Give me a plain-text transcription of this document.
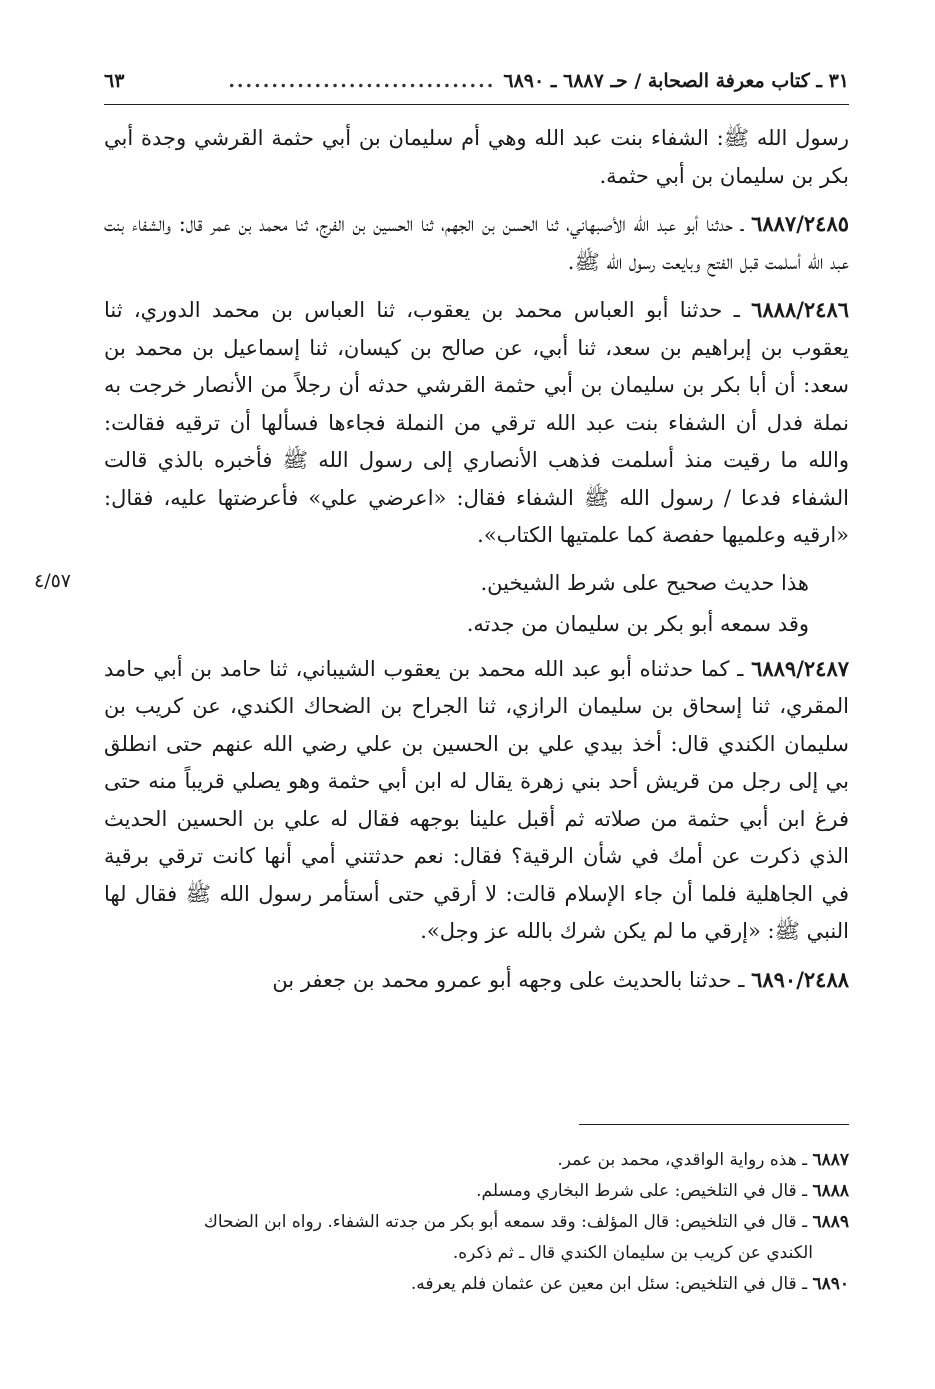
٣١ ـ كتاب معرفة الصحابة / حـ ٦٨٨٧ ـ ٦٨٩٠
...............................
٦٣

رسول الله ﷺ: الشفاء بنت عبد الله وهي أم سليمان بن أبي حثمة القرشي وجدة أبي بكر بن سليمان بن أبي حثمة.

٦٨٨٧/٢٤٨٥ ـ حدثنا أبو عبد الله الأصبهاني، ثنا الحسن بن الجهم، ثنا الحسين بن الفرج، ثنا محمد بن عمر قال: والشفاء بنت عبد الله أسلمت قبل الفتح وبايعت رسول الله ﷺ.

٦٨٨٨/٢٤٨٦ ـ حدثنا أبو العباس محمد بن يعقوب، ثنا العباس بن محمد الدوري، ثنا يعقوب بن إبراهيم بن سعد، ثنا أبي، عن صالح بن كيسان، ثنا إسماعيل بن محمد بن سعد: أن أبا بكر بن سليمان بن أبي حثمة القرشي حدثه أن رجلاً من الأنصار خرجت به نملة فدل أن الشفاء بنت عبد الله ترقي من النملة فجاءها فسألها أن ترقيه فقالت: والله ما رقيت منذ أسلمت فذهب الأنصاري إلى رسول الله ﷺ فأخبره بالذي قالت الشفاء فدعا / رسول الله ﷺ الشفاء فقال: «اعرضي علي» فأعرضتها عليه، فقال: «ارقيه وعلميها حفصة كما علمتيها الكتاب».

هذا حديث صحيح على شرط الشيخين.

وقد سمعه أبو بكر بن سليمان من جدته.

٦٨٨٩/٢٤٨٧ ـ كما حدثناه أبو عبد الله محمد بن يعقوب الشيباني، ثنا حامد بن أبي حامد المقري، ثنا إسحاق بن سليمان الرازي، ثنا الجراح بن الضحاك الكندي، عن كريب بن سليمان الكندي قال: أخذ بيدي علي بن الحسين بن علي رضي الله عنهم حتى انطلق بي إلى رجل من قريش أحد بني زهرة يقال له ابن أبي حثمة وهو يصلي قريباً منه حتى فرغ ابن أبي حثمة من صلاته ثم أقبل علينا بوجهه فقال له علي بن الحسين الحديث الذي ذكرت عن أمك في شأن الرقية؟ فقال: نعم حدثتني أمي أنها كانت ترقي برقية في الجاهلية فلما أن جاء الإسلام قالت: لا أرقي حتى أستأمر رسول الله ﷺ فقال لها النبي ﷺ: «إرقي ما لم يكن شرك بالله عز وجل».

٦٨٩٠/٢٤٨٨ ـ حدثنا بالحديث على وجهه أبو عمرو محمد بن جعفر بن

٤/٥٧

٦٨٨٧ ـ هذه رواية الواقدي، محمد بن عمر.

٦٨٨٨ ـ قال في التلخيص: على شرط البخاري ومسلم.

٦٨٨٩ ـ قال في التلخيص: قال المؤلف: وقد سمعه أبو بكر من جدته الشفاء. رواه ابن الضحاك

الكندي عن كريب بن سليمان الكندي قال ـ ثم ذكره.

٦٨٩٠ ـ قال في التلخيص: سئل ابن معين عن عثمان فلم يعرفه.
